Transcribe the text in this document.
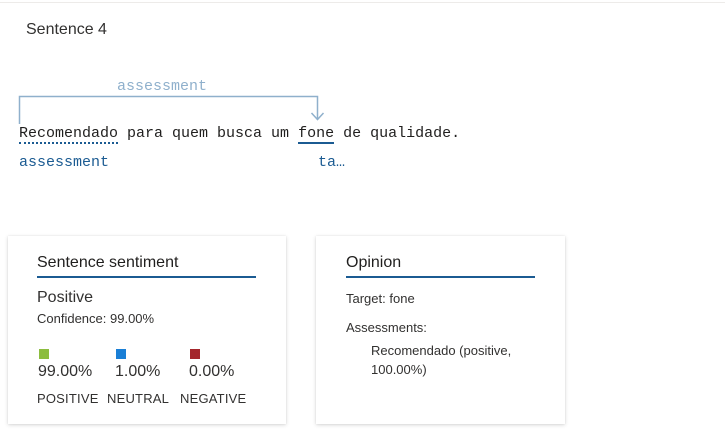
Sentence 4
assessment
Recomendado para quem busca um fone de qualidade.
assessment	ta…
Sentence sentiment
Positive
Confidence: 99.00%
99.00%
POSITIVE
1.00%
NEUTRAL
0.00%
NEGATIVE
Opinion
Target: fone
Assessments:
Recomendado (positive, 100.00%)
